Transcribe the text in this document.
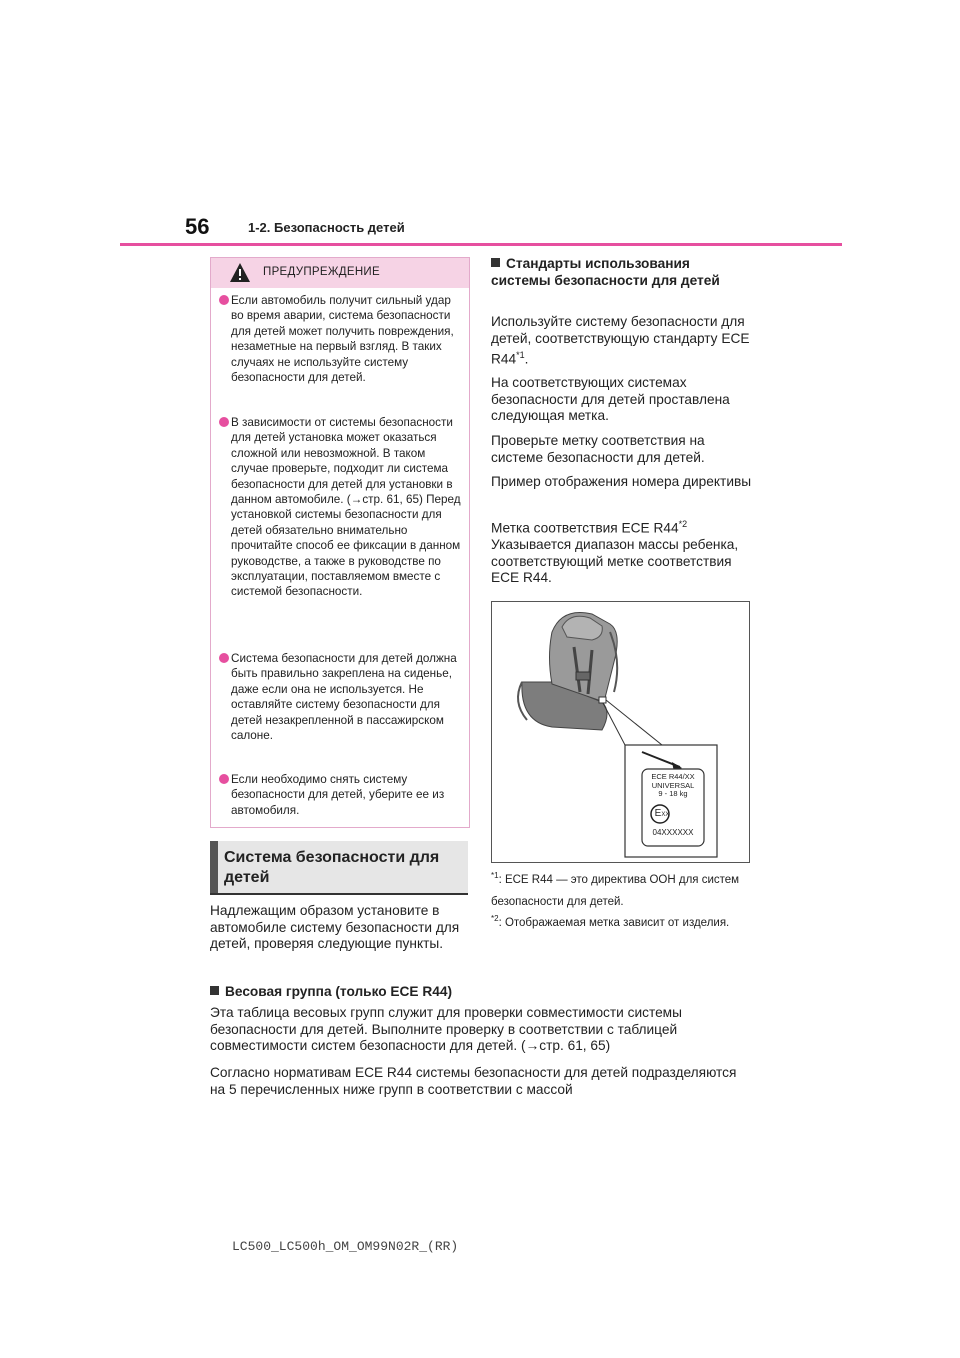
56	1-2. Безопасность детей
ПРЕДУПРЕЖДЕНИЕ
Если автомобиль получит сильный удар во время аварии, система безопасности для детей может получить повреждения, незаметные на первый взгляд. В таких случаях не используйте систему безопасности для детей.
В зависимости от системы безопасности для детей установка может оказаться сложной или невозможной. В таком случае проверьте, подходит ли система безопасности для детей для установки в данном автомобиле. (→стр. 61, 65) Перед установкой системы безопасности для детей обязательно внимательно прочитайте способ ее фиксации в данном руководстве, а также в руководстве по эксплуатации, поставляемом вместе с системой безопасности.
Система безопасности для детей должна быть правильно закреплена на сиденье, даже если она не используется. Не оставляйте систему безопасности для детей незакрепленной в пассажирском салоне.
Если необходимо снять систему безопасности для детей, уберите ее из автомобиля.
Система безопасности для детей
Надлежащим образом установите в автомобиле систему безопасности для детей, проверяя следующие пункты.
Стандарты использования системы безопасности для детей
Используйте систему безопасности для детей, соответствующую стандарту ECE R44$^{*1}$.
На соответствующих системах безопасности для детей проставлена следующая метка.
Проверьте метку соответствия на системе безопасности для детей.
Пример отображения номера директивы
Метка соответствия ECE R44$^{*2}$
Указывается диапазон массы ребенка, соответствующий метке соответствия ECE R44.
ECE R44/XX
UNIVERSAL
9 - 18 kg
EXX
04XXXXXX
$^{*1}$: ECE R44 — это директива ООН для систем безопасности для детей.
$^{*2}$: Отображаемая метка зависит от изделия.
Весовая группа (только ECE R44)
Эта таблица весовых групп служит для проверки совместимости системы безопасности для детей. Выполните проверку в соответствии с таблицей совместимости систем безопасности для детей. (→стр. 61, 65)
Согласно нормативам ECE R44 системы безопасности для детей подразделяются на 5 перечисленных ниже групп в соответствии с массой
LC500_LC500h_OM_OM99N02R_(RR)
